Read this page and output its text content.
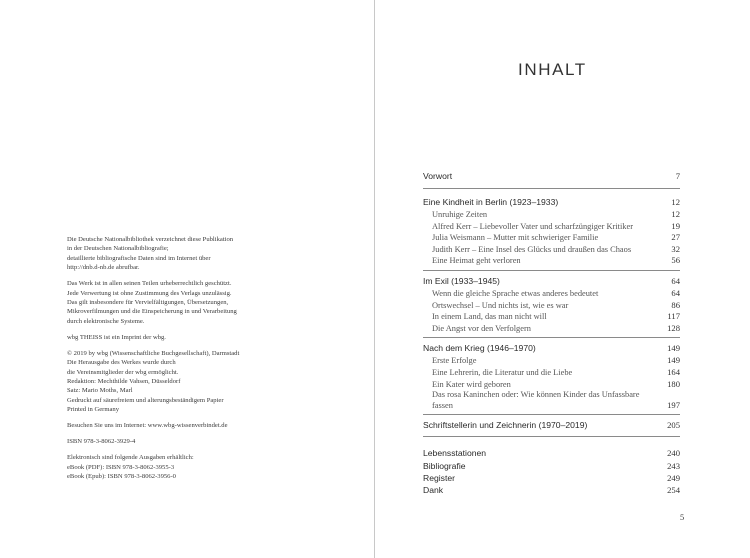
Die Deutsche Nationalbibliothek verzeichnet diese Publikation
in der Deutschen Nationalbibliografie;
detaillierte bibliografische Daten sind im Internet über
http://dnb.d-nb.de abrufbar.

Das Werk ist in allen seinen Teilen urheberrechtlich geschützt.
Jede Verwertung ist ohne Zustimmung des Verlags unzulässig.
Das gilt insbesondere für Vervielfältigungen, Übersetzungen,
Mikroverfilmungen und die Einspeicherung in und Verarbeitung
durch elektronische Systeme.

wbg THEISS ist ein Imprint der wbg.

© 2019 by wbg (Wissenschaftliche Buchgesellschaft), Darmstadt
Die Herausgabe des Werkes wurde durch
die Vereinsmitglieder der wbg ermöglicht.
Redaktion: Mechthilde Vahsen, Düsseldorf
Satz: Mario Moths, Marl
Gedruckt auf säurefreiem und alterungsbeständigem Papier
Printed in Germany

Besuchen Sie uns im Internet: www.wbg-wissenverbindet.de

ISBN 978-3-8062-3929-4

Elektronisch sind folgende Ausgaben erhältlich:
eBook (PDF): ISBN 978-3-8062-3955-3
eBook (Epub): ISBN 978-3-8062-3956-0

INHALT
Vorwort	7
Eine Kindheit in Berlin (1923–1933)	12
Unruhige Zeiten	12
Alfred Kerr – Liebevoller Vater und scharfzüngiger Kritiker	19
Julia Weismann – Mutter mit schwieriger Familie	27
Judith Kerr – Eine Insel des Glücks und draußen das Chaos	32
Eine Heimat geht verloren	56
Im Exil (1933–1945)	64
Wenn die gleiche Sprache etwas anderes bedeutet	64
Ortswechsel – Und nichts ist, wie es war	86
In einem Land, das man nicht will	117
Die Angst vor den Verfolgern	128
Nach dem Krieg (1946–1970)	149
Erste Erfolge	149
Eine Lehrerin, die Literatur und die Liebe	164
Ein Kater wird geboren	180
Das rosa Kaninchen oder: Wie können Kinder das Unfassbare fassen	197
Schriftstellerin und Zeichnerin (1970–2019)	205
Lebensstationen	240
Bibliografie	243
Register	249
Dank	254
5
